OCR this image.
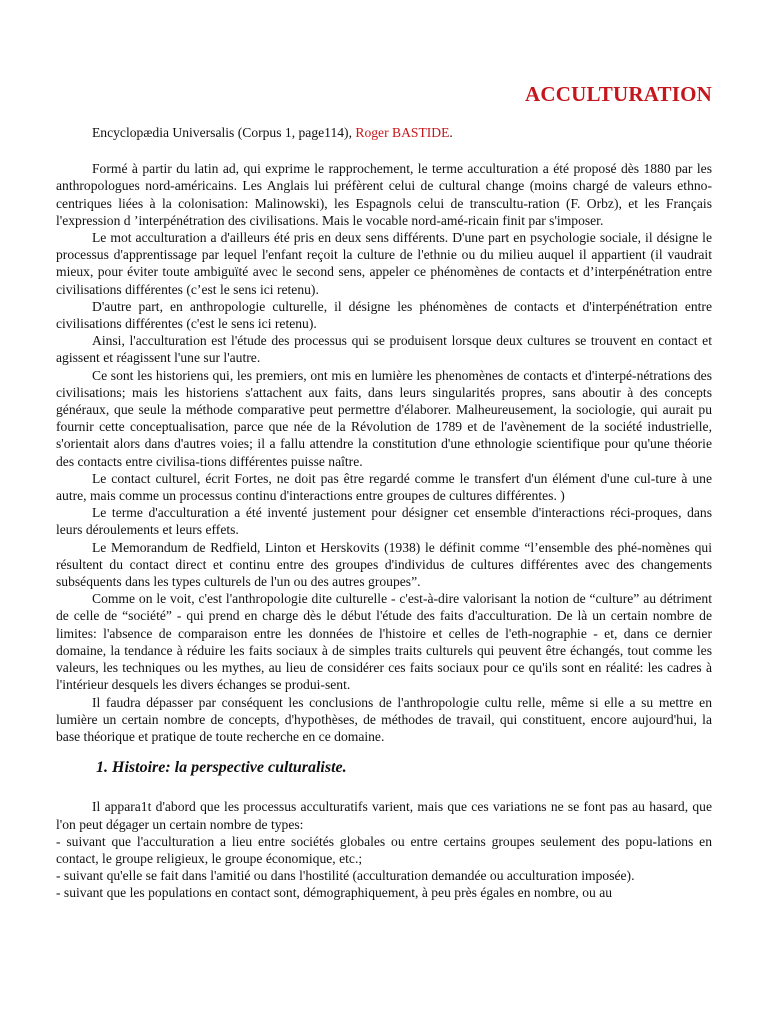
ACCULTURATION

Encyclopædia Universalis (Corpus 1, page114), Roger BASTIDE.

Formé à partir du latin ad, qui exprime le rapprochement, le terme acculturation a été proposé dès 1880 par les anthropologues nord-américains. Les Anglais lui préfèrent celui de cultural change (moins chargé de valeurs ethno-centriques liées à la colonisation: Malinowski), les Espagnols celui de transcultu-ration (F. Orbz), et les Français l'expression d ’interpénétration des civilisations. Mais le vocable nord-amé-ricain finit par s'imposer.

Le mot acculturation a d'ailleurs été pris en deux sens différents. D'une part en psychologie sociale, il désigne le processus d'apprentissage par lequel l'enfant reçoit la culture de l'ethnie ou du milieu auquel il appartient (il vaudrait mieux, pour éviter toute ambiguïté avec le second sens, appeler ce phénomènes de contacts et d’interpénétration entre civilisations différentes (c’est le sens ici retenu).

D'autre part, en anthropologie culturelle, il désigne les phénomènes de contacts et d'interpénétration entre civilisations différentes (c'est le sens ici retenu).

Ainsi, l'acculturation est l'étude des processus qui se produisent lorsque deux cultures se trouvent en contact et agissent et réagissent l'une sur l'autre.

Ce sont les historiens qui, les premiers, ont mis en lumière les phenomènes de contacts et d'interpé-nétrations des civilisations; mais les historiens s'attachent aux faits, dans leurs singularités propres, sans aboutir à des concepts généraux, que seule la méthode comparative peut permettre d'élaborer. Malheureusement, la sociologie, qui aurait pu fournir cette conceptualisation, parce que née de la Révolution de 1789 et de l'avènement de la société industrielle, s'orientait alors dans d'autres voies; il a fallu attendre la constitution d'une ethnologie scientifique pour qu'une théorie des contacts entre civilisa-tions différentes puisse naître.

Le contact culturel, écrit Fortes, ne doit pas être regardé comme le transfert d'un élément d'une cul-ture à une autre, mais comme un processus continu d'interactions entre groupes de cultures différentes. )

Le terme d'acculturation a été inventé justement pour désigner cet ensemble d'interactions réci-proques, dans leurs déroulements et leurs effets.

Le Memorandum de Redfield, Linton et Herskovits (1938) le définit comme “l’ensemble des phé-nomènes qui résultent du contact direct et continu entre des groupes d'individus de cultures différentes avec des changements subséquents dans les types culturels de l'un ou des autres groupes”.

Comme on le voit, c'est l'anthropologie dite culturelle - c'est-à-dire valorisant la notion de “culture” au détriment de celle de “société” - qui prend en charge dès le début l'étude des faits d'acculturation. De là un certain nombre de limites: l'absence de comparaison entre les données de l'histoire et celles de l'eth-nographie - et, dans ce dernier domaine, la tendance à réduire les faits sociaux à de simples traits culturels qui peuvent être échangés, tout comme les valeurs, les techniques ou les mythes, au lieu de considérer ces faits sociaux pour ce qu'ils sont en réalité: les cadres à l'intérieur desquels les divers échanges se produi-sent.

Il faudra dépasser par conséquent les conclusions de l'anthropologie cultu relle, même si elle a su mettre en lumière un certain nombre de concepts, d'hypothèses, de méthodes de travail, qui constituent, encore aujourd'hui, la base théorique et pratique de toute recherche en ce domaine.

1. Histoire: la perspective culturaliste.

Il appara1t d'abord que les processus acculturatifs varient, mais que ces variations ne se font pas au hasard, que l'on peut dégager un certain nombre de types:

- suivant que l'acculturation a lieu entre sociétés globales ou entre certains groupes seulement des popu-lations en contact, le groupe religieux, le groupe économique, etc.;

- suivant qu'elle se fait dans l'amitié ou dans l'hostilité (acculturation demandée ou acculturation imposée).

- suivant que les populations en contact sont, démographiquement, à peu près égales en nombre, ou au
